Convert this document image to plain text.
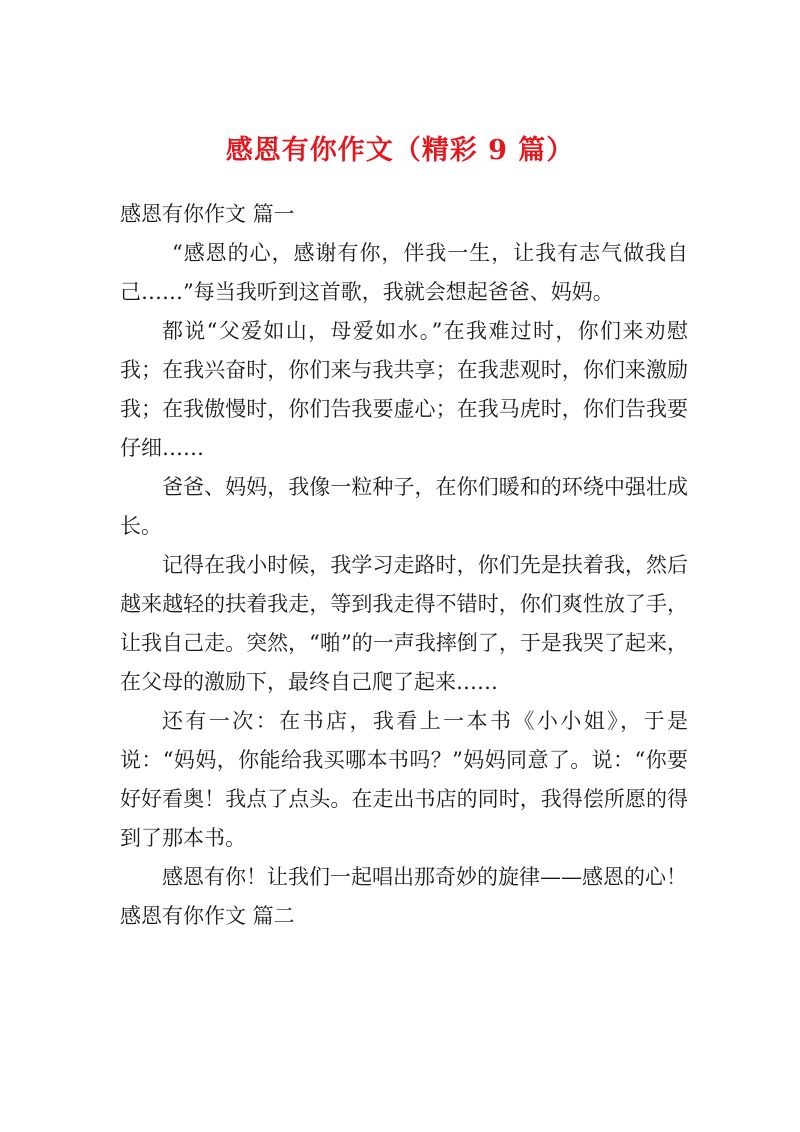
感恩有你作文（精彩 9 篇）
感恩有你作文 篇一

“感恩的心，感谢有你，伴我一生，让我有志气做我自己……”每当我听到这首歌，我就会想起爸爸、妈妈。

都说“父爱如山，母爱如水。”在我难过时，你们来劝慰我；在我兴奋时，你们来与我共享；在我悲观时，你们来激励我；在我傲慢时，你们告我要虚心；在我马虎时，你们告我要仔细……

爸爸、妈妈，我像一粒种子，在你们暖和的环绕中强壮成长。

记得在我小时候，我学习走路时，你们先是扶着我，然后越来越轻的扶着我走，等到我走得不错时，你们爽性放了手，让我自己走。突然，“啪”的一声我摔倒了，于是我哭了起来，在父母的激励下，最终自己爬了起来……

还有一次：在书店，我看上一本书《小小姐》，于是说：“妈妈，你能给我买哪本书吗？”妈妈同意了。说：“你要好好看奥！我点了点头。在走出书店的同时，我得偿所愿的得到了那本书。

感恩有你！让我们一起唱出那奇妙的旋律——感恩的心！

感恩有你作文 篇二
